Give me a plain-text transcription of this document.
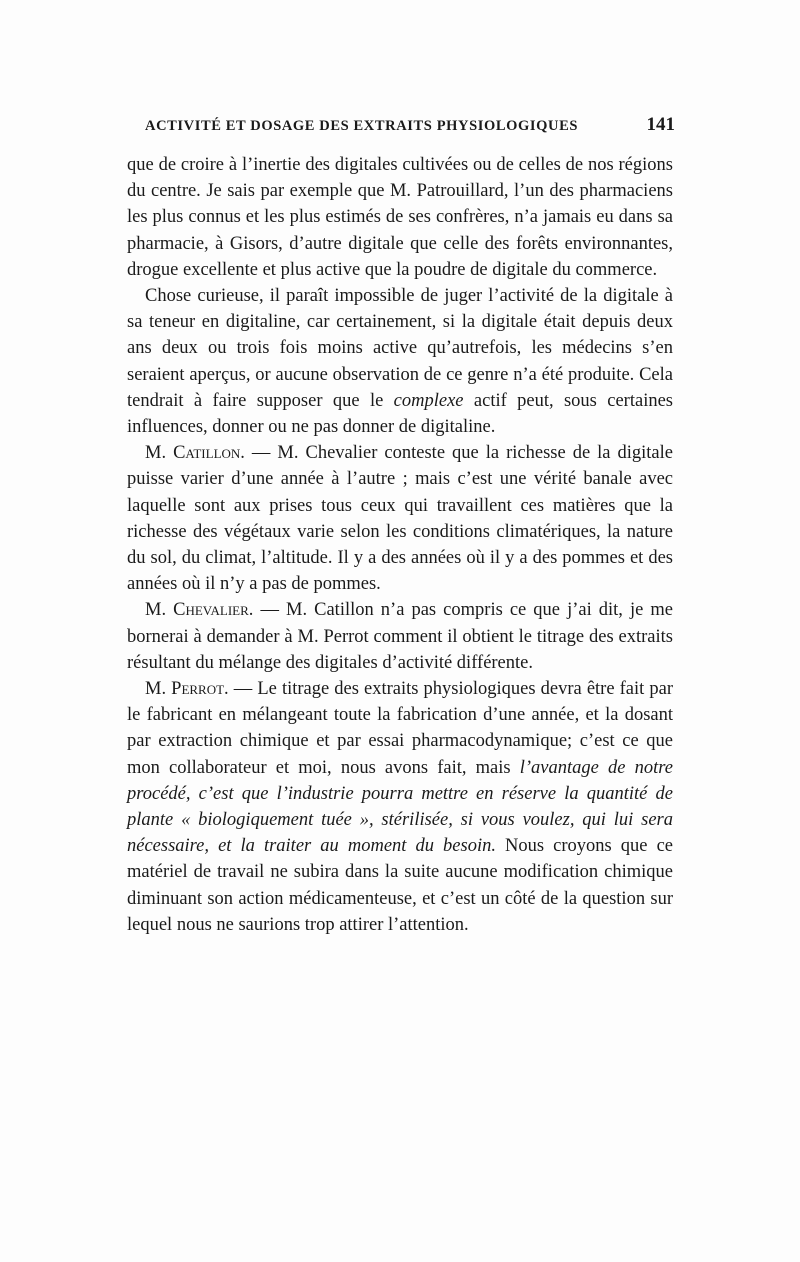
ACTIVITÉ ET DOSAGE DES EXTRAITS PHYSIOLOGIQUES	141

que de croire à l’inertie des digitales cultivées ou de celles de nos régions du centre. Je sais par exemple que M. Patrouillard, l’un des pharmaciens les plus connus et les plus estimés de ses confrères, n’a jamais eu dans sa pharmacie, à Gisors, d’autre digitale que celle des forêts environnantes, drogue excellente et plus active que la poudre de digitale du commerce.

Chose curieuse, il paraît impossible de juger l’activité de la digitale à sa teneur en digitaline, car certainement, si la digitale était depuis deux ans deux ou trois fois moins active qu’autrefois, les médecins s’en seraient aperçus, or aucune observation de ce genre n’a été produite. Cela tendrait à faire supposer que le complexe actif peut, sous certaines influences, donner ou ne pas donner de digitaline.

M. Catillon. — M. Chevalier conteste que la richesse de la digitale puisse varier d’une année à l’autre ; mais c’est une vérité banale avec laquelle sont aux prises tous ceux qui travaillent ces matières que la richesse des végétaux varie selon les conditions climatériques, la nature du sol, du climat, l’altitude. Il y a des années où il y a des pommes et des années où il n’y a pas de pommes.

M. Chevalier. — M. Catillon n’a pas compris ce que j’ai dit, je me bornerai à demander à M. Perrot comment il obtient le titrage des extraits résultant du mélange des digitales d’activité différente.

M. Perrot. — Le titrage des extraits physiologiques devra être fait par le fabricant en mélangeant toute la fabrication d’une année, et la dosant par extraction chimique et par essai pharmacodynamique; c’est ce que mon collaborateur et moi, nous avons fait, mais l’avantage de notre procédé, c’est que l’industrie pourra mettre en réserve la quantité de plante « biologiquement tuée », stérilisée, si vous voulez, qui lui sera nécessaire, et la traiter au moment du besoin. Nous croyons que ce matériel de travail ne subira dans la suite aucune modification chimique diminuant son action médicamenteuse, et c’est un côté de la question sur lequel nous ne saurions trop attirer l’attention.
